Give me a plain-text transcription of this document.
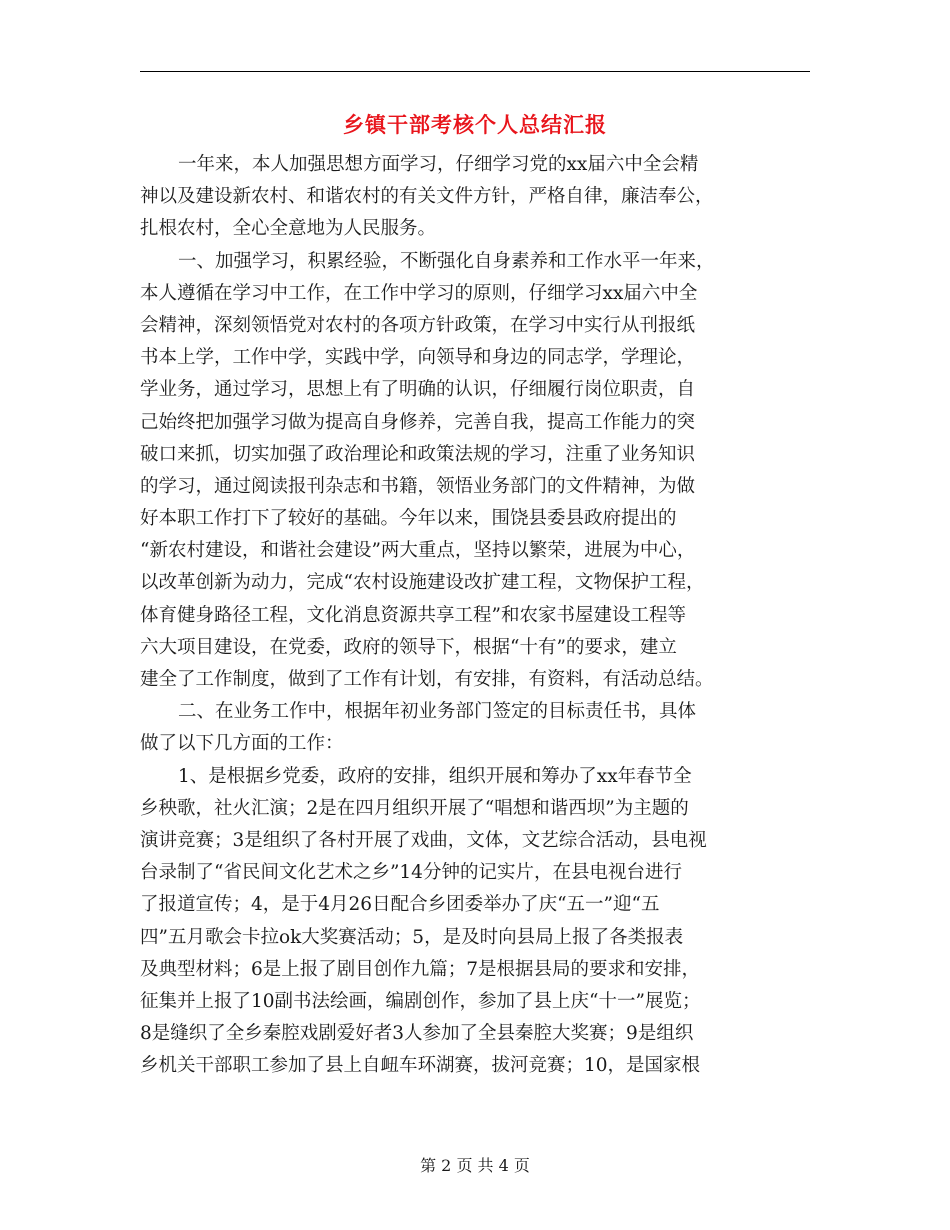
乡镇干部考核个人总结汇报

一年来，本人加强思想方面学习，仔细学习党的xx届六中全会精
神以及建设新农村、和谐农村的有关文件方针，严格自律，廉洁奉公，
扎根农村，全心全意地为人民服务。

一、加强学习，积累经验，不断强化自身素养和工作水平一年来，
本人遵循在学习中工作，在工作中学习的原则，仔细学习xx届六中全
会精神，深刻领悟党对农村的各项方针政策，在学习中实行从刊报纸
书本上学，工作中学，实践中学，向领导和身边的同志学，学理论，
学业务，通过学习，思想上有了明确的认识，仔细履行岗位职责，自
己始终把加强学习做为提高自身修养，完善自我，提高工作能力的突
破口来抓，切实加强了政治理论和政策法规的学习，注重了业务知识
的学习，通过阅读报刊杂志和书籍，领悟业务部门的文件精神，为做
好本职工作打下了较好的基础。今年以来，围饶县委县政府提出的
“新农村建设，和谐社会建设”两大重点，坚持以繁荣，进展为中心，
以改革创新为动力，完成“农村设施建设改扩建工程，文物保护工程，
体育健身路径工程，文化消息资源共享工程”和农家书屋建设工程等
六大项目建设，在党委，政府的领导下，根据“十有”的要求，建立
建全了工作制度，做到了工作有计划，有安排，有资料，有活动总结。

二、在业务工作中，根据年初业务部门签定的目标责任书，具体
做了以下几方面的工作：

1、是根据乡党委，政府的安排，组织开展和筹办了xx年春节全
乡秧歌，社火汇演；2是在四月组织开展了“唱想和谐西坝”为主题的
演讲竞赛；3是组织了各村开展了戏曲，文体，文艺综合活动，县电视
台录制了“省民间文化艺术之乡”14分钟的记实片，在县电视台进行
了报道宣传；4，是于4月26日配合乡团委举办了庆“五一”迎“五
四”五月歌会卡拉ok大奖赛活动；5，是及时向县局上报了各类报表
及典型材料；6是上报了剧目创作九篇；7是根据县局的要求和安排，
征集并上报了10副书法绘画，编剧创作，参加了县上庆“十一”展览；
8是缝织了全乡秦腔戏剧爱好者3人参加了全县秦腔大奖赛；9是组织
乡机关干部职工参加了县上自衄车环湖赛，拔河竞赛；10，是国家根

第 2 页 共 4 页
